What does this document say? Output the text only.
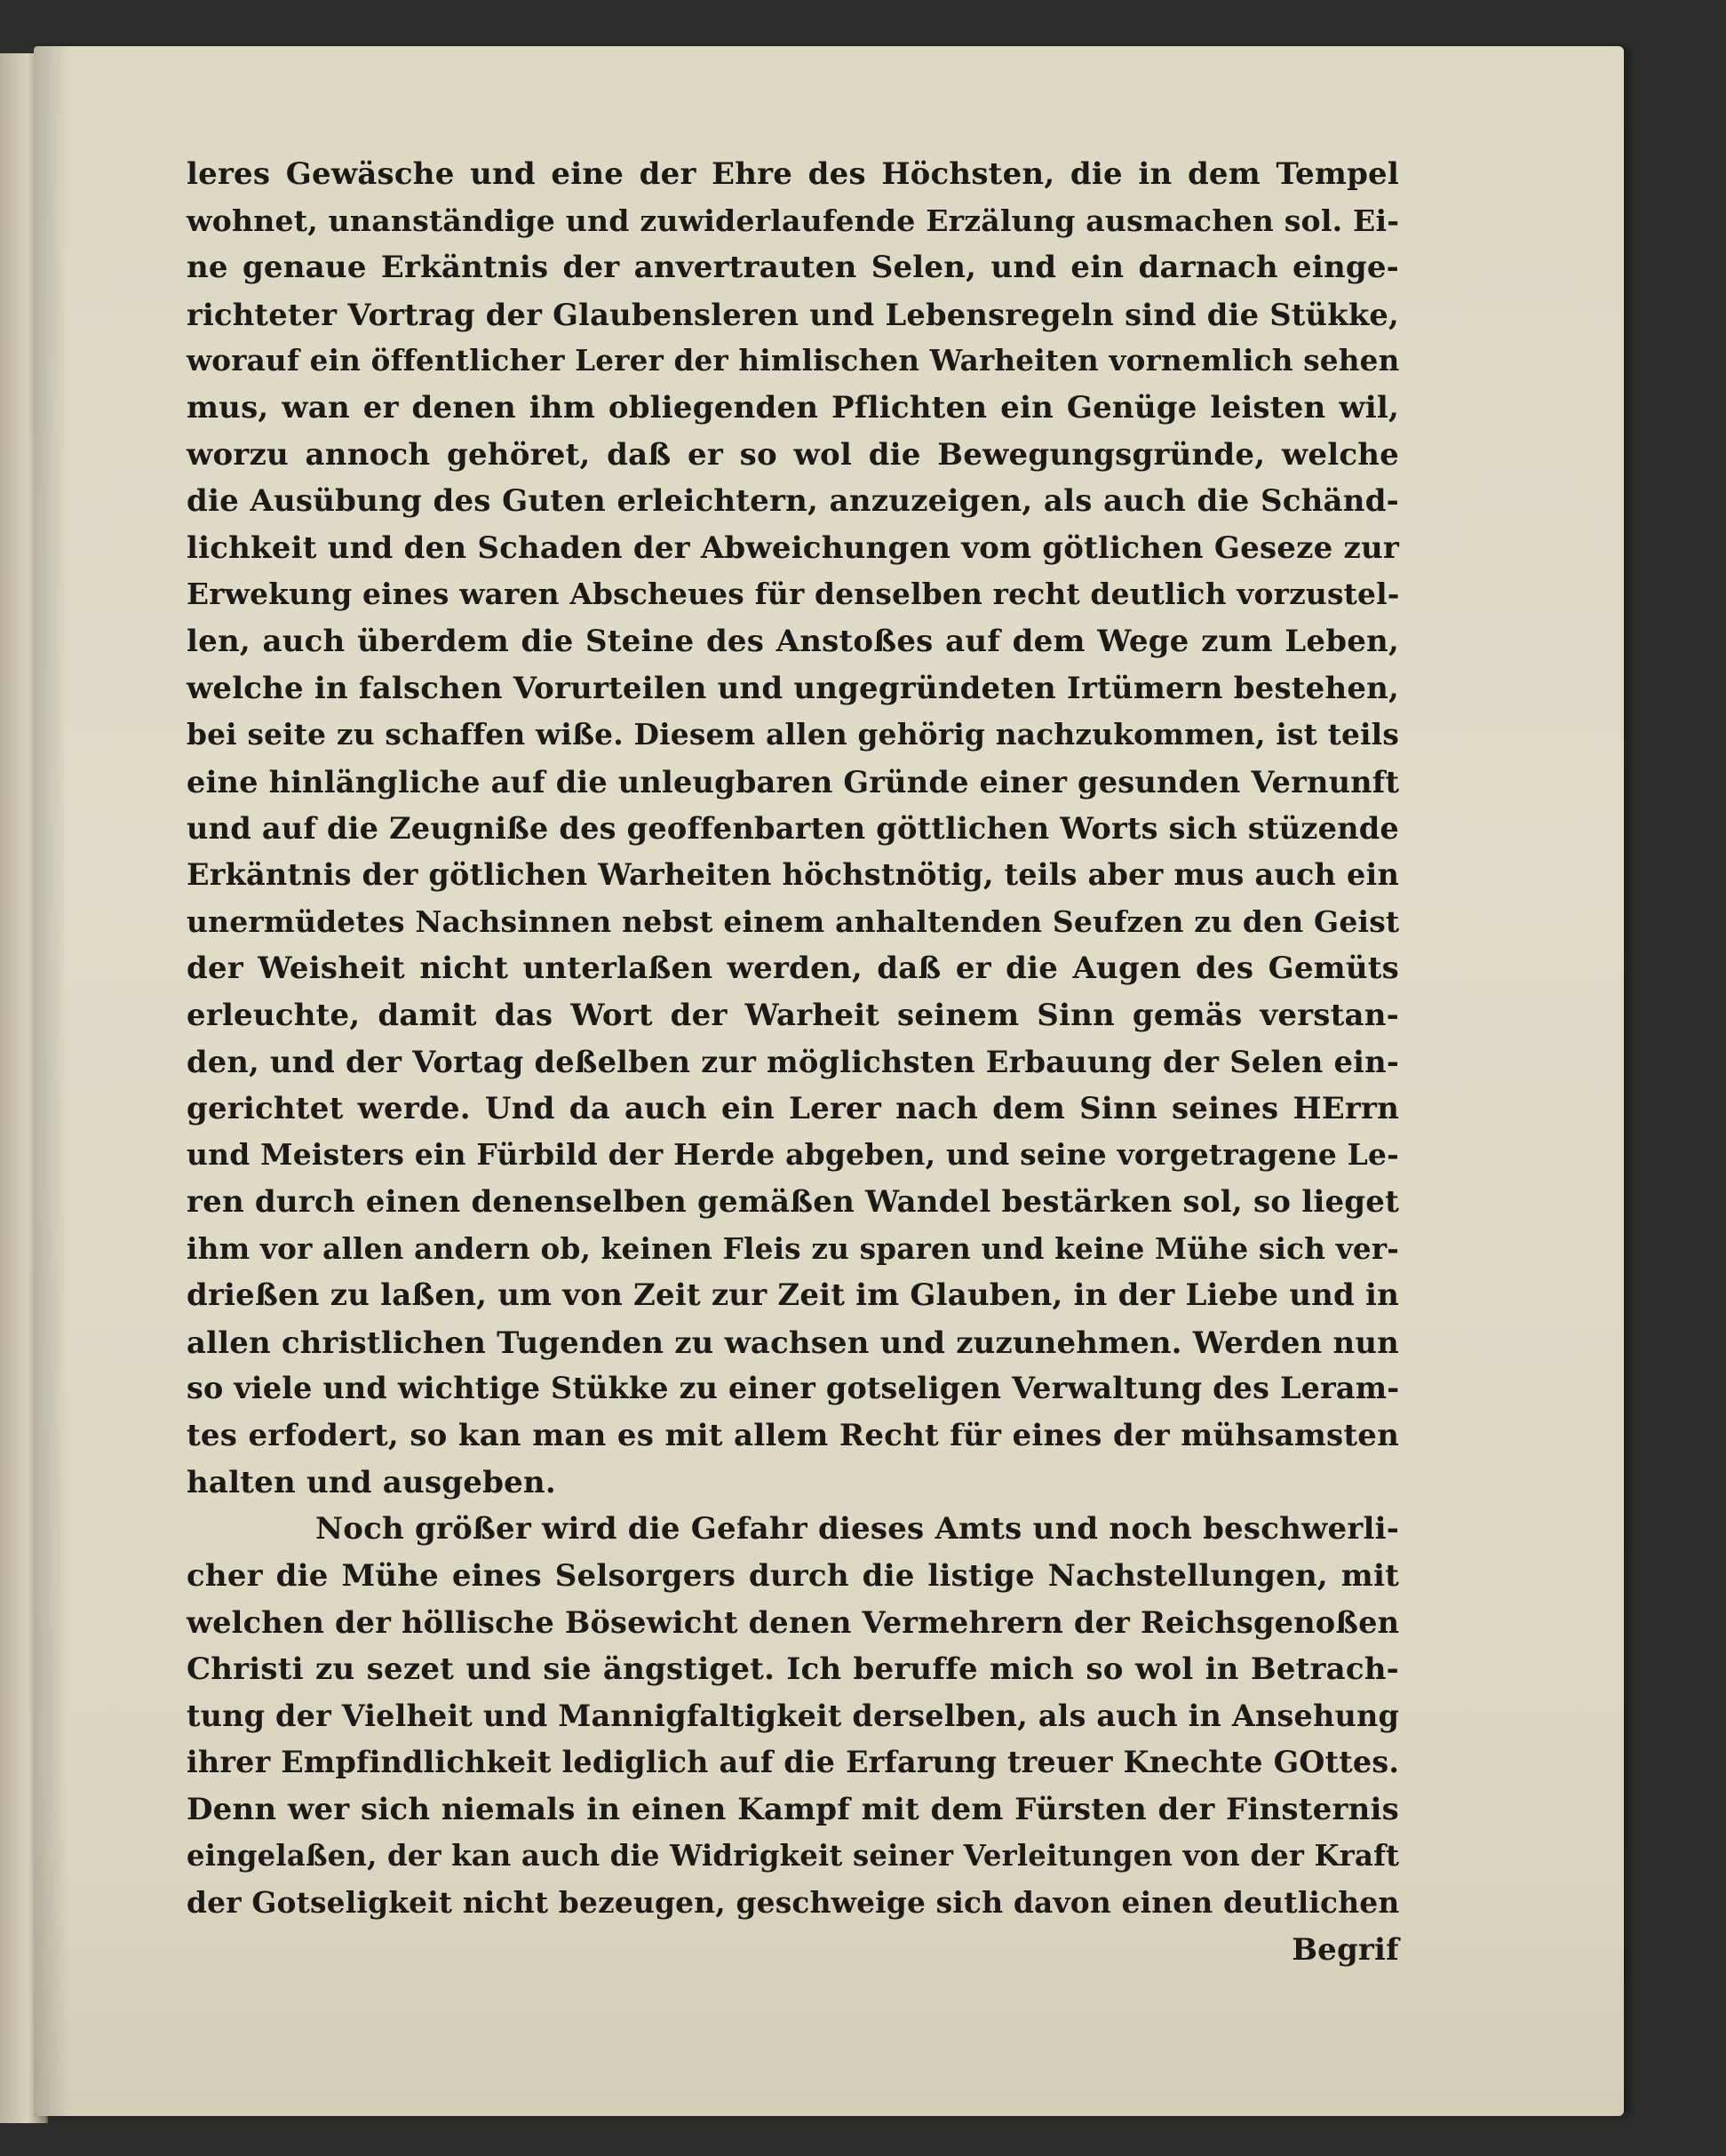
leres Gewäsche und eine der Ehre des Höchsten, die in dem Tempel
wohnet, unanständige und zuwiderlaufende Erzälung ausmachen sol. Ei-
ne genaue Erkäntnis der anvertrauten Selen, und ein darnach einge-
richteter Vortrag der Glaubensleren und Lebensregeln sind die Stükke,
worauf ein öffentlicher Lerer der himlischen Warheiten vornemlich sehen
mus, wan er denen ihm obliegenden Pflichten ein Genüge leisten wil,
worzu annoch gehöret, daß er so wol die Bewegungsgründe, welche
die Ausübung des Guten erleichtern, anzuzeigen, als auch die Schänd-
lichkeit und den Schaden der Abweichungen vom götlichen Geseze zur
Erwekung eines waren Abscheues für denselben recht deutlich vorzustel-
len, auch überdem die Steine des Anstoßes auf dem Wege zum Leben,
welche in falschen Vorurteilen und ungegründeten Irtümern bestehen,
bei seite zu schaffen wiße. Diesem allen gehörig nachzukommen, ist teils
eine hinlängliche auf die unleugbaren Gründe einer gesunden Vernunft
und auf die Zeugniße des geoffenbarten göttlichen Worts sich stüzende
Erkäntnis der götlichen Warheiten höchstnötig, teils aber mus auch ein
unermüdetes Nachsinnen nebst einem anhaltenden Seufzen zu den Geist
der Weisheit nicht unterlaßen werden, daß er die Augen des Gemüts
erleuchte, damit das Wort der Warheit seinem Sinn gemäs verstan-
den, und der Vortag deßelben zur möglichsten Erbauung der Selen ein-
gerichtet werde. Und da auch ein Lerer nach dem Sinn seines HErrn
und Meisters ein Fürbild der Herde abgeben, und seine vorgetragene Le-
ren durch einen denenselben gemäßen Wandel bestärken sol, so lieget
ihm vor allen andern ob, keinen Fleis zu sparen und keine Mühe sich ver-
drießen zu laßen, um von Zeit zur Zeit im Glauben, in der Liebe und in
allen christlichen Tugenden zu wachsen und zuzunehmen. Werden nun
so viele und wichtige Stükke zu einer gotseligen Verwaltung des Leram-
tes erfodert, so kan man es mit allem Recht für eines der mühsamsten
halten und ausgeben.
Noch größer wird die Gefahr dieses Amts und noch beschwerli-
cher die Mühe eines Selsorgers durch die listige Nachstellungen, mit
welchen der höllische Bösewicht denen Vermehrern der Reichsgenoßen
Christi zu sezet und sie ängstiget. Ich beruffe mich so wol in Betrach-
tung der Vielheit und Mannigfaltigkeit derselben, als auch in Ansehung
ihrer Empfindlichkeit lediglich auf die Erfarung treuer Knechte GOttes.
Denn wer sich niemals in einen Kampf mit dem Fürsten der Finsternis
eingelaßen, der kan auch die Widrigkeit seiner Verleitungen von der Kraft
der Gotseligkeit nicht bezeugen, geschweige sich davon einen deutlichen
Begrif
